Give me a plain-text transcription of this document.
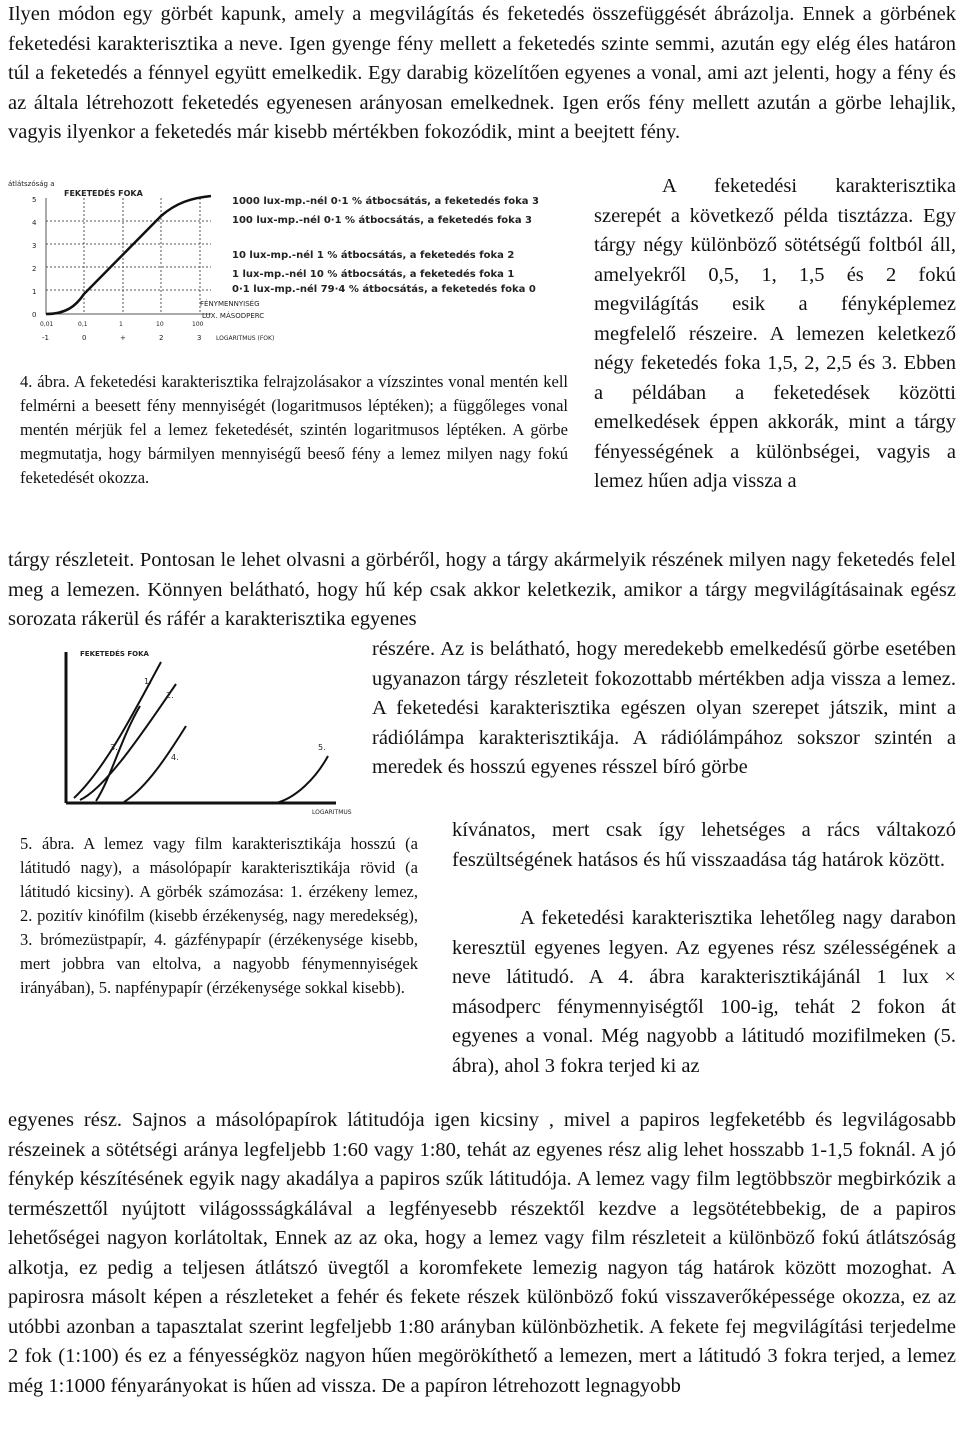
Ilyen módon egy görbét kapunk, amely a megvilágítás és feketedés összefüggését ábrázolja. Ennek a görbének feketedési karakterisztika a neve. Igen gyenge fény mellett a feketedés szinte semmi, azután egy elég éles határon túl a feketedés a fénnyel együtt emelkedik. Egy darabig közelítően egyenes a vonal, ami azt jelenti, hogy a fény és az általa létrehozott feketedés egyenesen arányosan emelkednek. Igen erős fény mellett azután a görbe lehajlik, vagyis ilyenkor a feketedés már kisebb mértékben fokozódik, mint a beejtett fény.
átlátszóság a
FEKETEDÉS FOKA
5
4
3
2
1
0
FÉNYMENNYISÉG
LUX. MÁSODPERC
0,01	0,1	1	10	100
-1	0	+	2	3 LOGARITMUS (FOK)
1000 lux-mp.-nél 0·1 % átbocsátás, a feketedés foka 3
100 lux-mp.-nél 0·1 % átbocsátás, a feketedés foka 3
10 lux-mp.-nél 1 % átbocsátás, a feketedés foka 2
1 lux-mp.-nél 10 % átbocsátás, a feketedés foka 1
0·1 lux-mp.-nél 79·4 % átbocsátás, a feketedés foka 0
4. ábra. A feketedési karakterisztika felrajzolásakor a vízszintes vonal mentén kell felmérni a beesett fény mennyiségét (logaritmusos léptéken); a függőleges vonal mentén mérjük fel a lemez feketedését, szintén logaritmusos léptéken. A görbe megmutatja, hogy bármilyen mennyiségű beeső fény a lemez milyen nagy fokú feketedését okozza.
A feketedési karakterisztika szerepét a következő példa tisztázza. Egy tárgy négy különböző sötétségű foltból áll, amelyekről 0,5, 1, 1,5 és 2 fokú megvilágítás esik a fényképlemez megfelelő részeire. A lemezen keletkező négy feketedés foka 1,5, 2, 2,5 és 3. Ebben a példában a feketedések közötti emelkedések éppen akkorák, mint a tárgy fényességének a különbségei, vagyis a lemez hűen adja vissza a
tárgy részleteit. Pontosan le lehet olvasni a görbéről, hogy a tárgy akármelyik részének milyen nagy feketedés felel meg a lemezen. Könnyen belátható, hogy hű kép csak akkor keletkezik, amikor a tárgy megvilágításainak egész sorozata rákerül és ráfér a karakterisztika egyenes
FEKETEDÉS FOKA
1.
2.
3.
4.
5.
LOGARITMUS
részére. Az is belátható, hogy meredekebb emelkedésű görbe esetében ugyanazon tárgy részleteit fokozottabb mértékben adja vissza a lemez. A feketedési karakterisztika egészen olyan szerepet játszik, mint a rádiólámpa karakterisztikája. A rádiólámpához sokszor szintén a meredek és hosszú egyenes résszel bíró görbe
kívánatos, mert csak így lehetséges a rács váltakozó feszültségének hatásos és hű visszaadása tág határok között.
A feketedési karakterisztika lehetőleg nagy darabon keresztül egyenes legyen. Az egyenes rész szélességének a neve látitudó. A 4. ábra karakterisztikájánál 1 lux × másodperc fénymennyiségtől 100-ig, tehát 2 fokon át egyenes a vonal. Még nagyobb a látitudó mozifilmeken (5. ábra), ahol 3 fokra terjed ki az
5. ábra. A lemez vagy film karakterisztikája hosszú (a látitudó nagy), a másolópapír karakterisztikája rövid (a látitudó kicsiny). A görbék számozása: 1. érzékeny lemez, 2. pozitív kinófilm (kisebb érzékenység, nagy meredekség), 3. brómezüstpapír, 4. gázfénypapír (érzékenysége kisebb, mert jobbra van eltolva, a nagyobb fénymennyiségek irányában), 5. napfénypapír (érzékenysége sokkal kisebb).
egyenes rész. Sajnos a másolópapírok látitudója igen kicsiny , mivel a papiros legfeketébb és legvilágosabb részeinek a sötétségi aránya legfeljebb 1:60 vagy 1:80, tehát az egyenes rész alig lehet hosszabb 1-1,5 foknál. A jó fénykép készítésének egyik nagy akadálya a papiros szűk látitudója. A lemez vagy film legtöbbször megbirkózik a természettől nyújtott világossságkálával a legfényesebb részektől kezdve a legsötétebbekig, de a papiros lehetőségei nagyon korlátoltak, Ennek az az oka, hogy a lemez vagy film részleteit a különböző fokú átlátszóság alkotja, ez pedig a teljesen átlátszó üvegtől a koromfekete lemezig nagyon tág határok között mozoghat. A papirosra másolt képen a részleteket a fehér és fekete részek különböző fokú visszaverőképessége okozza, ez az utóbbi azonban a tapasztalat szerint legfeljebb 1:80 arányban különbözhetik. A fekete fej megvilágítási terjedelme 2 fok (1:100) és ez a fényességköz nagyon hűen megörökíthető a lemezen, mert a látitudó 3 fokra terjed, a lemez még 1:1000 fényarányokat is hűen ad vissza. De a papíron létrehozott legnagyobb
